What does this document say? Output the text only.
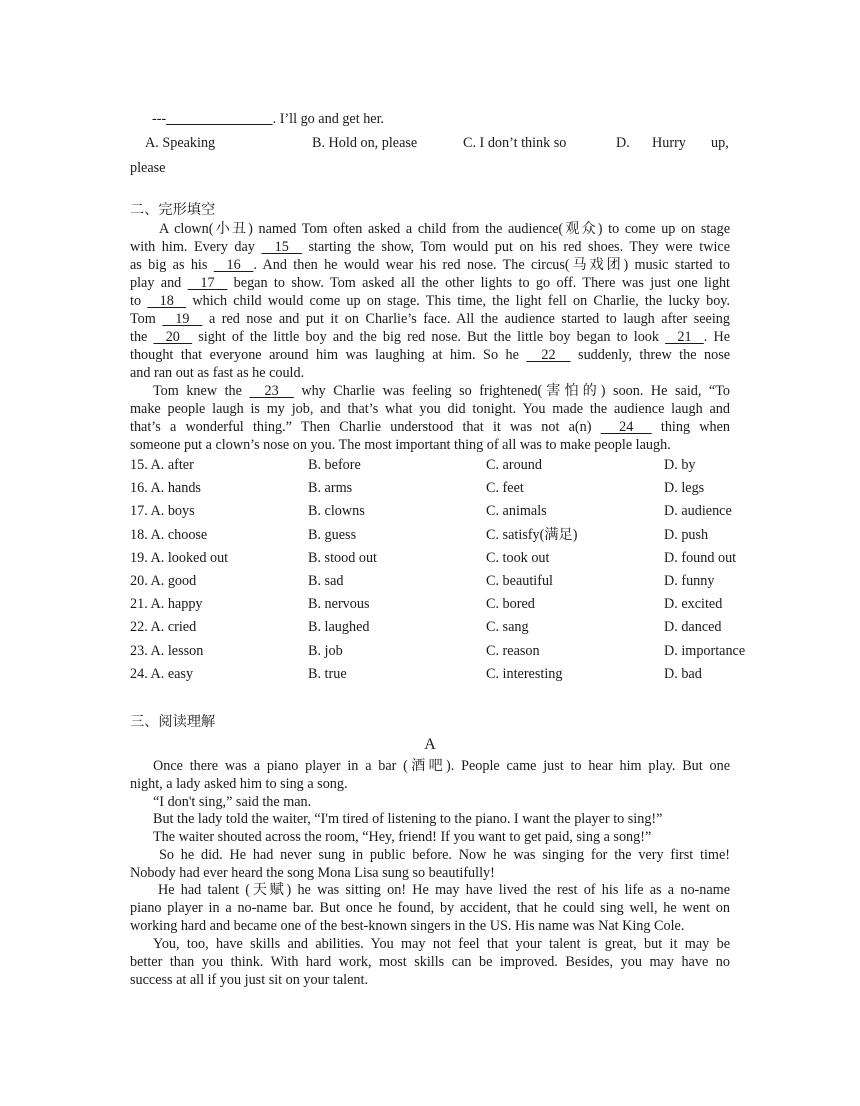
---	. I’ll go and get her.
A. Speaking	B. Hold on, please	C. I don’t think so	D. Hurry up,
please
二、完形填空
A clown(小丑) named Tom often asked a child from the audience(观众) to come up on stage
with him. Every day   15   starting the show, Tom would put on his red shoes. They were twice
as big as his   16  . And then he would wear his red nose. The circus(马戏团) music started to
play and   17   began to show. Tom asked all the other lights to go off. There was just one light
to   18   which child would come up on stage. This time, the light fell on Charlie, the lucky boy.
Tom   19   a red nose and put it on Charlie’s face. All the audience started to laugh after seeing
the   20   sight of the little boy and the big red nose. But the little boy began to look   21  . He
thought that everyone around him was laughing at him. So he   22   suddenly, threw the nose
and ran out as fast as he could.
Tom knew the   23   why Charlie was feeling so frightened(害怕的) soon. He said, “To
make people laugh is my job, and that’s what you did tonight. You made the audience laugh and
that’s a wonderful thing.” Then Charlie understood that it was not a(n)   24   thing when
someone put a clown’s nose on you. The most important thing of all was to make people laugh.
15. A. after	B. before	C. around	D. by
16. A. hands	B. arms	C. feet	D. legs
17. A. boys	B. clowns	C. animals	D. audience
18. A. choose	B. guess	C. satisfy(满足)	D. push
19. A. looked out	B. stood out	C. took out	D. found out
20. A. good	B. sad	C. beautiful	D. funny
21. A. happy	B. nervous	C. bored	D. excited
22. A. cried	B. laughed	C. sang	D. danced
23. A. lesson	B. job	C. reason	D. importance
24. A. easy	B. true	C. interesting	D. bad
三、阅读理解
A
Once there was a piano player in a bar (酒吧). People came just to hear him play. But one
night, a lady asked him to sing a song.
“I don't sing,” said the man.
But the lady told the waiter, “I'm tired of listening to the piano. I want the player to sing!”
The waiter shouted across the room, “Hey, friend! If you want to get paid, sing a song!”
So he did. He had never sung in public before. Now he was singing for the very first time!
Nobody had ever heard the song Mona Lisa sung so beautifully!
He had talent (天赋) he was sitting on! He may have lived the rest of his life as a no-name
piano player in a no-name bar. But once he found, by accident, that he could sing well, he went on
working hard and became one of the best-known singers in the US. His name was Nat King Cole.
You, too, have skills and abilities. You may not feel that your talent is great, but it may be
better than you think. With hard work, most skills can be improved. Besides, you may have no
success at all if you just sit on your talent.
